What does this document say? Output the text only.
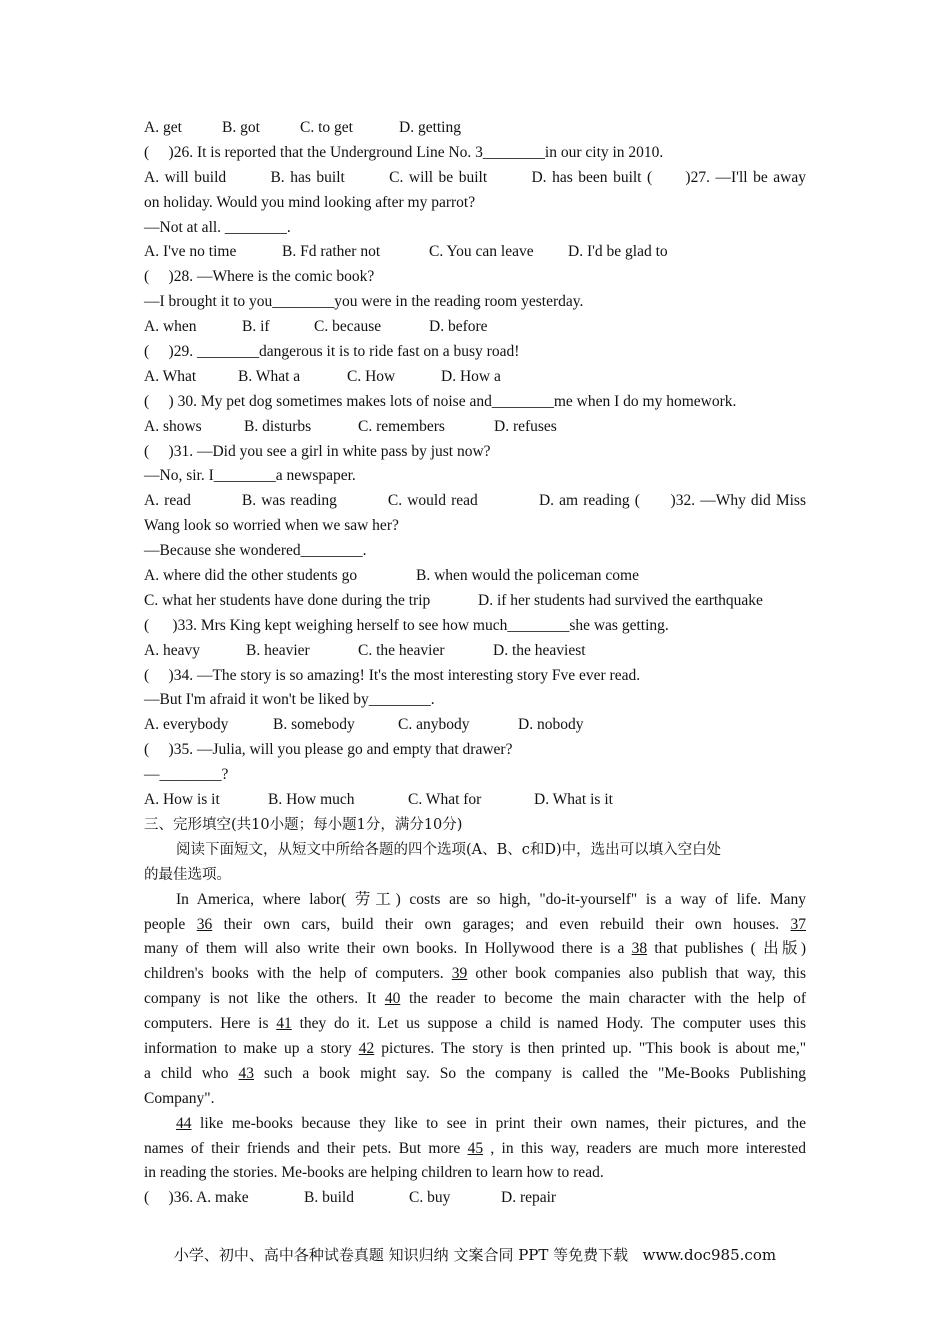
A. get	B. got	C. to get	D. getting
(     )26. It is reported that the Underground Line No. 3________in our city in 2010.
A. will build        B. has built        C. will be built        D. has been built (      )27. —I'll be away
on holiday. Would you mind looking after my parrot?
—Not at all. ________.
A. I've no time	B. Fd rather not	C. You can leave D. I'd be glad to
(     )28. —Where is the comic book?
—I brought it to you________you were in the reading room yesterday.
A. when	B. if	C. because	D. before
(     )29. ________dangerous it is to ride fast on a busy road!
A. What	B. What a	C. How	D. How a
(     ) 30. My pet dog sometimes makes lots of noise and________me when I do my homework.
A. shows	B. disturbs	C. remembers	D. refuses
(     )31. —Did you see a girl in white pass by just now?
—No, sir. I________a newspaper.
A. read          B. was reading          C. would read            D. am reading (      )32. —Why did Miss
Wang look so worried when we saw her?
—Because she wondered________.
A. where did the other students go	B. when would the policeman come
C. what her students have done during the trip	D. if her students had survived the earthquake
(      )33. Mrs King kept weighing herself to see how much________she was getting.
A. heavy	B. heavier	C. the heavier	D. the heaviest
(     )34. —The story is so amazing! It's the most interesting story Fve ever read.
—But I'm afraid it won't be liked by________.
A. everybody	B. somebody	C. anybody	D. nobody
(     )35. —Julia, will you please go and empty that drawer?
—________?
A. How is it	B. How much	C. What for	D. What is it
三、完形填空(共10小题；每小题1分，满分10分)
阅读下面短文，从短文中所给各题的四个选项(A、B、c和D)中，选出可以填入空白处
的最佳选项。
In America, where labor( 劳工) costs are so high, "do-it-yourself" is a way of life. Many
people 36 their own cars, build their own garages; and even rebuild their own houses. 37
many of them will also write their own books. In Hollywood there is a 38 that publishes ( 出版)
children's books with the help of computers. 39 other book companies also publish that way, this
company is not like the others. It 40 the reader to become the main character with the help of
computers. Here is 41 they do it. Let us suppose a child is named Hody. The computer uses this
information to make up a story 42 pictures. The story is then printed up. "This book is about me,"
a child who 43 such a book might say. So the company is called the "Me-Books Publishing
Company".
44 like me-books because they like to see in print their own names, their pictures, and the
names of their friends and their pets. But more 45 , in this way, readers are much more interested
in reading the stories. Me-books are helping children to learn how to read.
(     )36. A. make	B. build	C. buy	D. repair
小学、初中、高中各种试卷真题 知识归纳 文案合同 PPT 等免费下载   www.doc985.com
